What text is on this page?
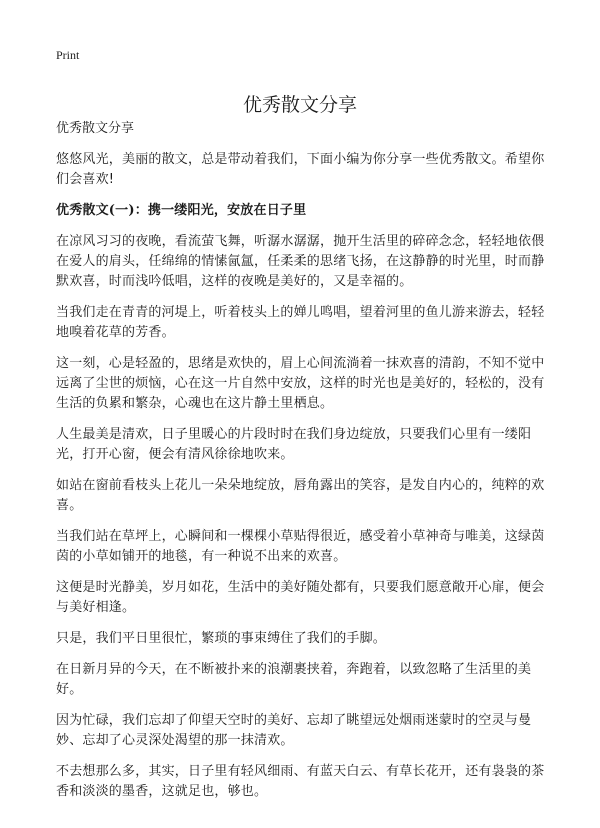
Print
优秀散文分享
优秀散文分享

悠悠风光，美丽的散文，总是带动着我们，下面小编为你分享一些优秀散文。希望你们会喜欢!

优秀散文(一)：携一缕阳光，安放在日子里

在凉风习习的夜晚，看流萤飞舞，听潺水潺潺，抛开生活里的碎碎念念，轻轻地依偎在爱人的肩头，任绵绵的情愫氤氲，任柔柔的思绪飞扬，在这静静的时光里，时而静默欢喜，时而浅吟低唱，这样的夜晚是美好的，又是幸福的。

当我们走在青青的河堤上，听着枝头上的婵儿鸣唱，望着河里的鱼儿游来游去，轻轻地嗅着花草的芳香。

这一刻，心是轻盈的，思绪是欢快的，眉上心间流淌着一抹欢喜的清韵，不知不觉中远离了尘世的烦恼，心在这一片自然中安放，这样的时光也是美好的，轻松的，没有生活的负累和繁杂，心魂也在这片静土里栖息。

人生最美是清欢，日子里暖心的片段时时在我们身边绽放，只要我们心里有一缕阳光，打开心窗，便会有清风徐徐地吹来。

如站在窗前看枝头上花儿一朵朵地绽放，唇角露出的笑容，是发自内心的，纯粹的欢喜。

当我们站在草坪上，心瞬间和一棵棵小草贴得很近，感受着小草神奇与唯美，这绿茵茵的小草如铺开的地毯，有一种说不出来的欢喜。

这便是时光静美，岁月如花，生活中的美好随处都有，只要我们愿意敞开心扉，便会与美好相逢。

只是，我们平日里很忙，繁琐的事束缚住了我们的手脚。

在日新月异的今天，在不断被扑来的浪潮裹挟着，奔跑着，以致忽略了生活里的美好。

因为忙碌，我们忘却了仰望天空时的美好、忘却了眺望远处烟雨迷蒙时的空灵与曼妙、忘却了心灵深处渴望的那一抹清欢。

不去想那么多，其实，日子里有轻风细雨、有蓝天白云、有草长花开，还有袅袅的茶香和淡淡的墨香，这就足也，够也。
